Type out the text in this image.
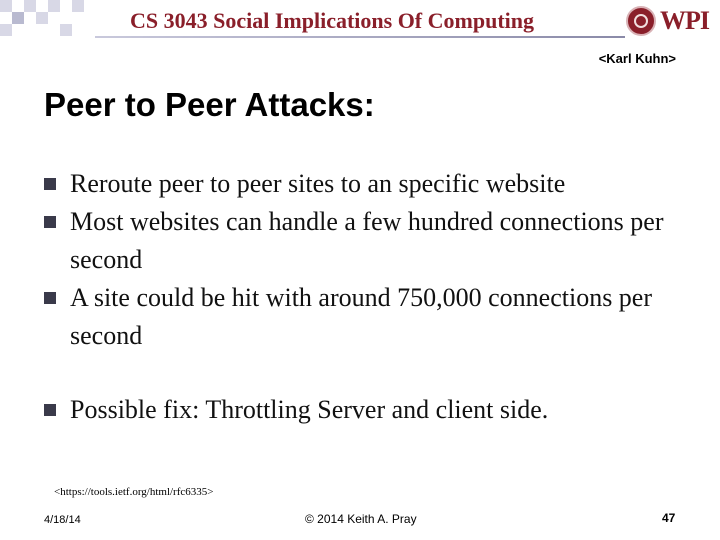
CS 3043 Social Implications Of Computing	WPI
<Karl Kuhn>
Peer to Peer Attacks:
Reroute peer to peer sites to an specific website
Most websites can handle a few hundred connections per second
A site could be hit with around 750,000 connections per second
Possible fix: Throttling Server and client side.
<https://tools.ietf.org/html/rfc6335>
4/18/14	© 2014 Keith A. Pray	47
